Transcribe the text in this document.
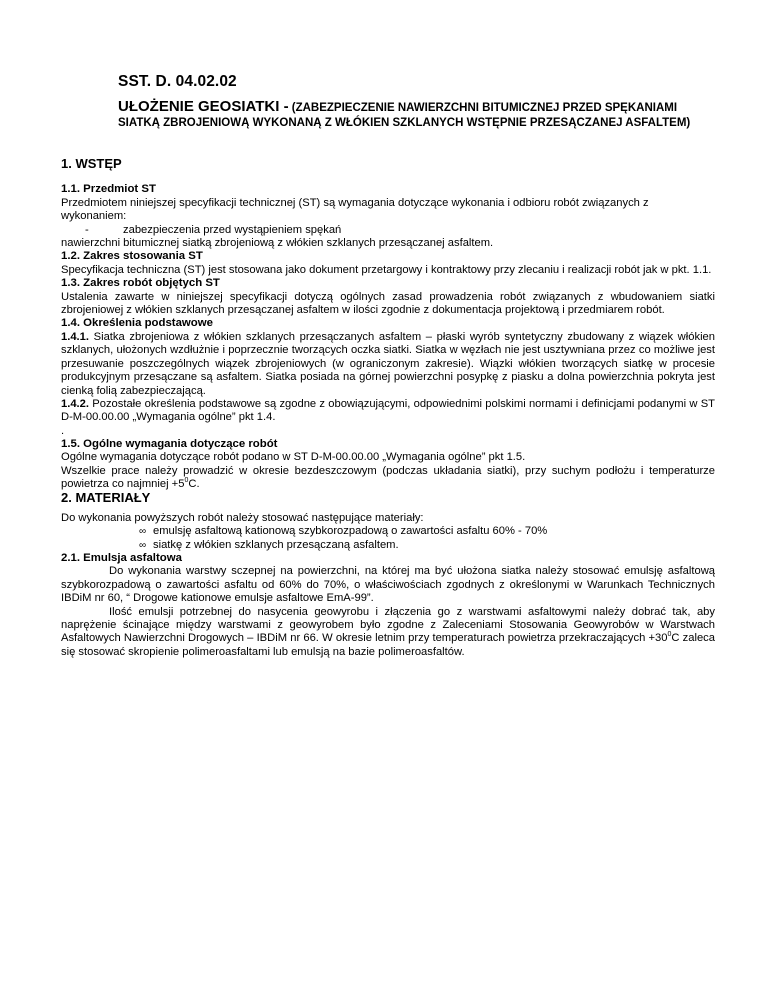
SST. D. 04.02.02
UŁOŻENIE GEOSIATKI - (ZABEZPIECZENIE NAWIERZCHNI BITUMICZNEJ PRZED SPĘKANIAMI SIATKĄ ZBROJENIOWĄ WYKONANĄ Z WŁÓKIEN SZKLANYCH WSTĘPNIE PRZESĄCZANEJ ASFALTEM)

1. WSTĘP

1.1. Przedmiot ST

Przedmiotem niniejszej specyfikacji technicznej (ST) są wymagania dotyczące wykonania i odbioru robót związanych z wykonaniem:

-	zabezpieczenia przed wystąpieniem spękań

nawierzchni bitumicznej siatką zbrojeniową z włókien szklanych przesączanej asfaltem.

1.2. Zakres stosowania ST

Specyfikacja techniczna (ST) jest stosowana jako dokument przetargowy i kontraktowy przy zlecaniu i realizacji robót jak w pkt. 1.1.

1.3. Zakres robót objętych ST

Ustalenia zawarte w niniejszej specyfikacji dotyczą ogólnych zasad prowadzenia robót związanych z wbudowaniem siatki zbrojeniowej z włókien szklanych przesączanej asfaltem w ilości zgodnie z dokumentacja projektową i przedmiarem robót.

1.4. Określenia podstawowe

1.4.1. Siatka zbrojeniowa z włókien szklanych przesączanych asfaltem – płaski wyrób syntetyczny zbudowany z wiązek włókien szklanych, ułożonych wzdłużnie i poprzecznie tworzących oczka siatki. Siatka w węzłach nie jest usztywniana przez co możliwe jest przesuwanie poszczególnych wiązek zbrojeniowych (w ograniczonym zakresie). Wiązki włókien tworzących siatkę w procesie produkcyjnym przesączane są asfaltem. Siatka posiada na górnej powierzchni posypkę z piasku a dolna powierzchnia pokryta jest cienką folią zabezpieczającą.

1.4.2. Pozostałe określenia podstawowe są zgodne z obowiązującymi, odpowiednimi polskimi normami i definicjami podanymi w ST D-M-00.00.00 „Wymagania ogólne” pkt 1.4.

.

1.5. Ogólne wymagania dotyczące robót

Ogólne wymagania dotyczące robót podano w ST D-M-00.00.00 „Wymagania ogólne” pkt 1.5.

Wszelkie prace należy prowadzić w okresie bezdeszczowym (podczas układania siatki), przy suchym podłożu i temperaturze powietrza co najmniej $+5^0C$.

2. MATERIAŁY

Do wykonania powyższych robót należy stosować następujące materiały:

∞ emulsję asfaltową kationową szybkorozpadową o zawartości asfaltu 60% - 70%

∞ siatkę z włókien szklanych przesączaną asfaltem.

2.1. Emulsja asfaltowa

Do wykonania warstwy sczepnej na powierzchni, na której ma być ułożona siatka należy stosować emulsję asfaltową szybkorozpadową o zawartości asfaltu od 60% do 70%, o właściwościach zgodnych z określonymi w Warunkach Technicznych IBDiM nr 60, “ Drogowe kationowe emulsje asfaltowe EmA-99”.

Ilość emulsji potrzebnej do nasycenia geowyrobu i złączenia go z warstwami asfaltowymi należy dobrać tak, aby naprężenie ścinające między warstwami z geowyrobem było zgodne z Zaleceniami Stosowania Geowyrobów w Warstwach Asfaltowych Nawierzchni Drogowych – IBDiM nr 66. W okresie letnim przy temperaturach powietrza przekraczających $+30^0C$ zaleca się stosować skropienie polimeroasfaltami lub emulsją na bazie polimeroasfaltów.
